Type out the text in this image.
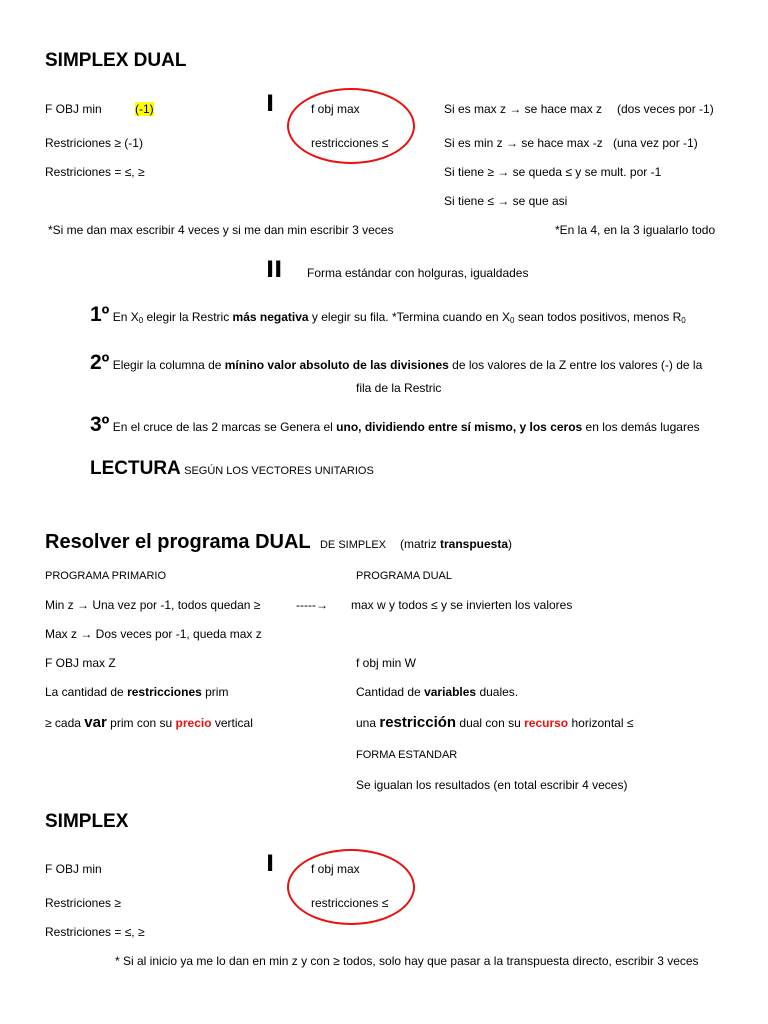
SIMPLEX DUAL
F OBJ min	(-1)	I	f obj max	Si es max z → se hace max z (dos veces por -1)
Restriciones ≥ (-1)	restricciones ≤	Si es min z → se hace max -z (una vez por -1)
Restriciones = ≤, ≥	Si tiene ≥ → se queda ≤ y se mult. por -1
Si tiene ≤ → se que asi
*Si me dan max escribir 4 veces y si me dan min escribir 3 veces	*En la 4, en la 3 igualarlo todo
II Forma estándar con holguras, igualdades
1º En $X_0$ elegir la Restric más negativa y elegir su fila. *Termina cuando en $X_0$ sean todos positivos, menos $R_0$
2º Elegir la columna de mínino valor absoluto de las divisiones de los valores de la Z entre los valores (-) de la
fila de la Restric
3º En el cruce de las 2 marcas se Genera el uno, dividiendo entre sí mismo, y los ceros en los demás lugares
LECTURA SEGÚN LOS VECTORES UNITARIOS
Resolver el programa DUAL DE SIMPLEX (matriz transpuesta)
PROGRAMA PRIMARIO	PROGRAMA DUAL
Min z → Una vez por -1, todos quedan ≥	-----→ max w y todos ≤ y se invierten los valores
Max z → Dos veces por -1, queda max z
F OBJ max Z	f obj min W
La cantidad de restricciones prim	Cantidad de variables duales.
≥ cada var prim con su precio vertical	una restricción dual con su recurso horizontal ≤
FORMA ESTANDAR
Se igualan los resultados (en total escribir 4 veces)
SIMPLEX
F OBJ min	I	f obj max
Restriciones ≥	restricciones ≤
Restriciones = ≤, ≥
* Si al inicio ya me lo dan en min z y con ≥ todos, solo hay que pasar a la transpuesta directo, escribir 3 veces
